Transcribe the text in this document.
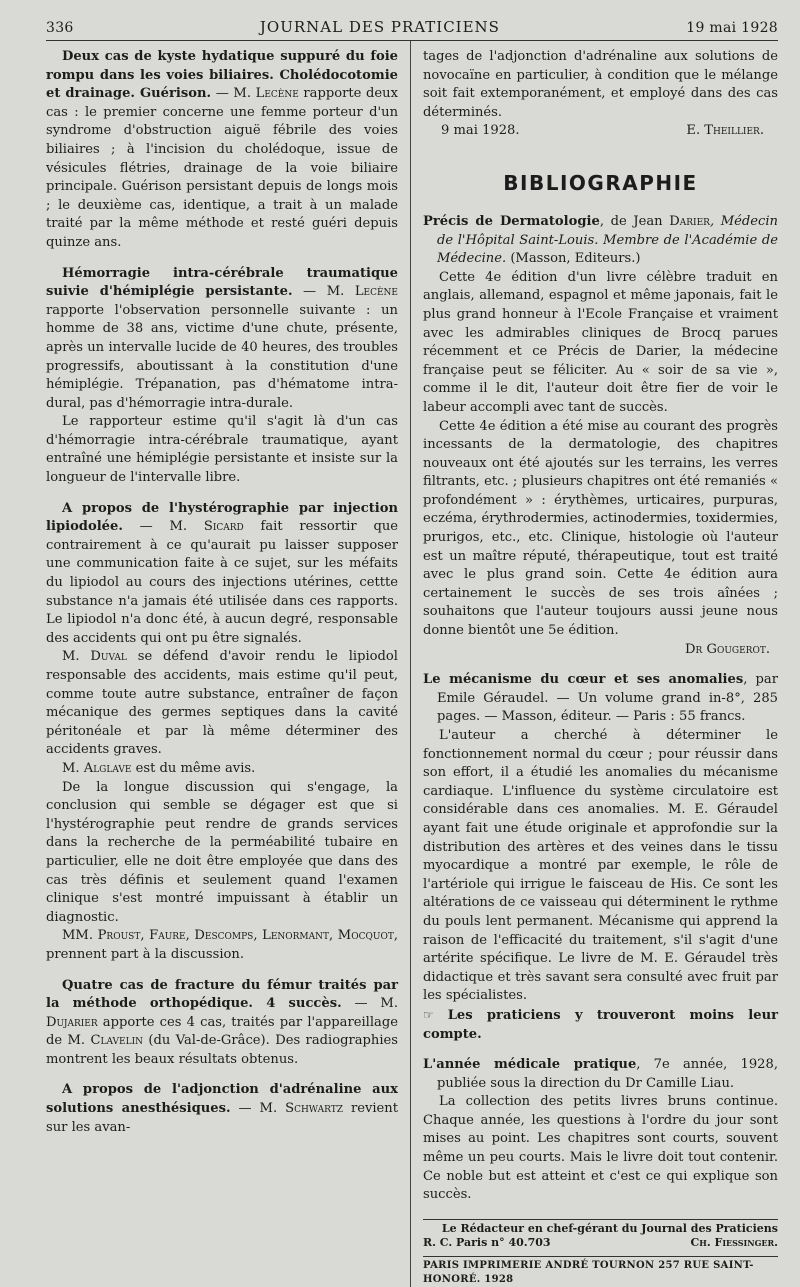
336	JOURNAL DES PRATICIENS	19 mai 1928

Deux cas de kyste hydatique suppuré du foie rompu dans les voies biliaires. Cholédocotomie et drainage. Guérison. — M. Lecène rapporte deux cas : le premier concerne une femme porteur d'un syndrome d'obstruction aiguë fébrile des voies biliaires ; à l'incision du cholédoque, issue de vésicules flétries, drainage de la voie biliaire principale. Guérison persistant depuis de longs mois ; le deuxième cas, identique, a trait à un malade traité par la même méthode et resté guéri depuis quinze ans.

Hémorragie intra-cérébrale traumatique suivie d'hémiplégie persistante. — M. Lecène rapporte l'observation personnelle suivante : un homme de 38 ans, victime d'une chute, présente, après un intervalle lucide de 40 heures, des troubles progressifs, aboutissant à la constitution d'une hémiplégie. Trépanation, pas d'hématome intra-dural, pas d'hémorragie intra-durale.

Le rapporteur estime qu'il s'agit là d'un cas d'hémorragie intra-cérébrale traumatique, ayant entraîné une hémiplégie persistante et insiste sur la longueur de l'intervalle libre.

A propos de l'hystérographie par injection lipiodolée. — M. Sicard fait ressortir que contrairement à ce qu'aurait pu laisser supposer une communication faite à ce sujet, sur les méfaits du lipiodol au cours des injections utérines, cettte substance n'a jamais été utilisée dans ces rapports. Le lipiodol n'a donc été, à aucun degré, responsable des accidents qui ont pu être signalés.

M. Duval se défend d'avoir rendu le lipiodol responsable des accidents, mais estime qu'il peut, comme toute autre substance, entraîner de façon mécanique des germes septiques dans la cavité péritonéale et par là même déterminer des accidents graves.

M. Alglave est du même avis.

De la longue discussion qui s'engage, la conclusion qui semble se dégager est que si l'hystérographie peut rendre de grands services dans la recherche de la perméabilité tubaire en particulier, elle ne doit être employée que dans des cas très définis et seulement quand l'examen clinique s'est montré impuissant à établir un diagnostic.

MM. Proust, Faure, Descomps, Lenormant, Mocquot, prennent part à la discussion.

Quatre cas de fracture du fémur traités par la méthode orthopédique. 4 succès. — M. Dujarier apporte ces 4 cas, traités par l'appareillage de M. Clavelin (du Val-de-Grâce). Des radiographies montrent les beaux résultats obtenus.

A propos de l'adjonction d'adrénaline aux solutions anesthésiques. — M. Schwartz revient sur les avan-

tages de l'adjonction d'adrénaline aux solutions de novocaïne en particulier, à condition que le mélange soit fait extemporanément, et employé dans des cas déterminés.

9 mai 1928.	E. Theillier.
BIBLIOGRAPHIE

Précis de Dermatologie, de Jean Darier, Médecin de l'Hôpital Saint-Louis. Membre de l'Académie de Médecine. (Masson, Editeurs.)

Cette 4e édition d'un livre célèbre traduit en anglais, allemand, espagnol et même japonais, fait le plus grand honneur à l'Ecole Française et vraiment avec les admirables cliniques de Brocq parues récemment et ce Précis de Darier, la médecine française peut se féliciter. Au « soir de sa vie », comme il le dit, l'auteur doit être fier de voir le labeur accompli avec tant de succès.

Cette 4e édition a été mise au courant des progrès incessants de la dermatologie, des chapitres nouveaux ont été ajoutés sur les terrains, les verres filtrants, etc. ; plusieurs chapitres ont été remaniés « profondément » : érythèmes, urticaires, purpuras, eczéma, érythrodermies, actinodermies, toxidermies, prurigos, etc., etc. Clinique, histologie où l'auteur est un maître réputé, thérapeutique, tout est traité avec le plus grand soin. Cette 4e édition aura certainement le succès de ses trois aînées ; souhaitons que l'auteur toujours aussi jeune nous donne bientôt une 5e édition.

Dr Gougerot.

Le mécanisme du cœur et ses anomalies, par Emile Géraudel. — Un volume grand in-8°, 285 pages. — Masson, éditeur. — Paris : 55 francs.

L'auteur a cherché à déterminer le fonctionnement normal du cœur ; pour réussir dans son effort, il a étudié les anomalies du mécanisme cardiaque. L'influence du système circulatoire est considérable dans ces anomalies. M. E. Géraudel ayant fait une étude originale et approfondie sur la distribution des artères et des veines dans le tissu myocardique a montré par exemple, le rôle de l'artériole qui irrigue le faisceau de His. Ce sont les altérations de ce vaisseau qui déterminent le rythme du pouls lent permanent. Mécanisme qui apprend la raison de l'efficacité du traitement, s'il s'agit d'une artérite spécifique. Le livre de M. E. Géraudel très didactique et très savant sera consulté avec fruit par les spécialistes.

☞ Les praticiens y trouveront moins leur compte.

L'année médicale pratique, 7e année, 1928, publiée sous la direction du Dr Camille Liau.

La collection des petits livres bruns continue. Chaque année, les questions à l'ordre du jour sont mises au point. Les chapitres sont courts, souvent même un peu courts. Mais le livre doit tout contenir. Ce noble but est atteint et c'est ce qui explique son succès.

Le Rédacteur en chef-gérant du Journal des Praticiens
R. C. Paris n° 40.703	Ch. Fiessinger.
PARIS IMPRIMERIE ANDRÉ TOURNON 257 RUE SAINT-HONORÉ. 1928
